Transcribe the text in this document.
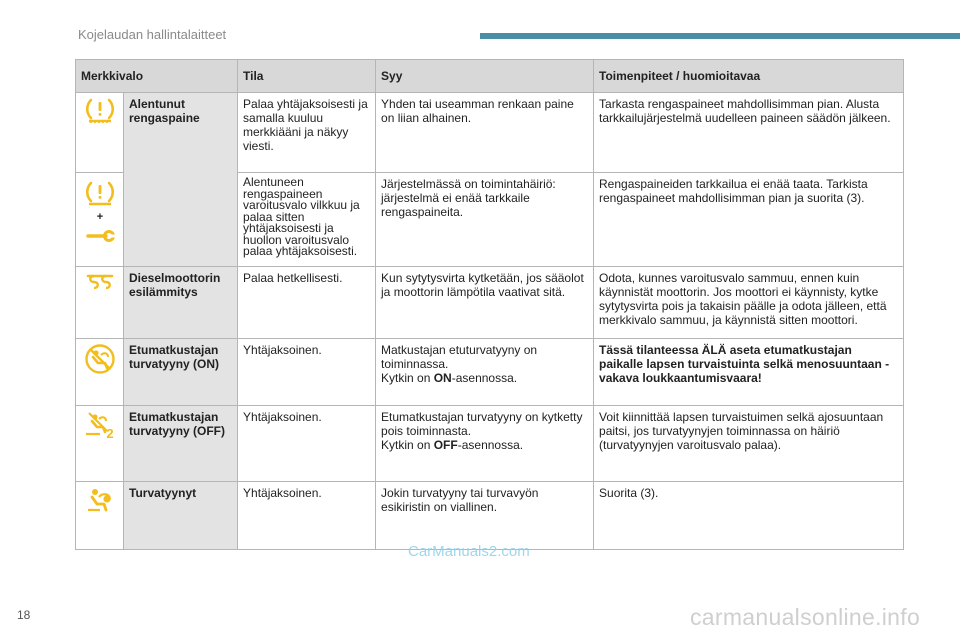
Kojelaudan hallintalaitteet
Merkkivalo		Tila	Syy	Toimenpiteet / huomioitavaa

	Alentunut rengaspaine	Palaa yhtäjaksoisesti ja samalla kuuluu merkkiääni ja näkyy viesti.	Yhden tai useamman renkaan paine on liian alhainen.	Tarkasta rengaspaineet mahdollisimman pian. Alusta tarkkailujärjestelmä uudelleen paineen säädön jälkeen.

+		Alentuneen rengaspaineen varoitusvalo vilkkuu ja palaa sitten yhtäjaksoisesti ja huollon varoitusvalo palaa yhtäjaksoisesti.	Järjestelmässä on toimintahäiriö: järjestelmä ei enää tarkkaile rengaspaineita.	Rengaspaineiden tarkkailua ei enää taata. Tarkista rengaspaineet mahdollisimman pian ja suorita (3).

	Dieselmoottorin esilämmitys	Palaa hetkellisesti.	Kun sytytysvirta kytketään, jos sääolot ja moottorin lämpötila vaativat sitä.	Odota, kunnes varoitusvalo sammuu, ennen kuin käynnistät moottorin. Jos moottori ei käynnisty, kytke sytytysvirta pois ja takaisin päälle ja odota jälleen, että merkkivalo sammuu, ja käynnistä sitten moottori.

	Etumatkustajan turvatyyny (ON)	Yhtäjaksoinen.	Matkustajan etuturvatyyny on toiminnassa.
Kytkin on ON-asennossa.	Tässä tilanteessa ÄLÄ aseta etumatkustajan paikalle lapsen turvaistuinta selkä menosuuntaan - vakava loukkaantumisvaara!

2	Etumatkustajan turvatyyny (OFF)	Yhtäjaksoinen.	Etumatkustajan turvatyyny on kytketty pois toiminnasta.
Kytkin on OFF-asennossa.	Voit kiinnittää lapsen turvaistuimen selkä ajosuuntaan paitsi, jos turvatyynyjen toiminnassa on häiriö (turvatyynyjen varoitusvalo palaa).

	Turvatyynyt	Yhtäjaksoinen.	Jokin turvatyyny tai turvavyön esikiristin on viallinen.	Suorita (3).
CarManuals2.com
18	carmanualsonline.info
